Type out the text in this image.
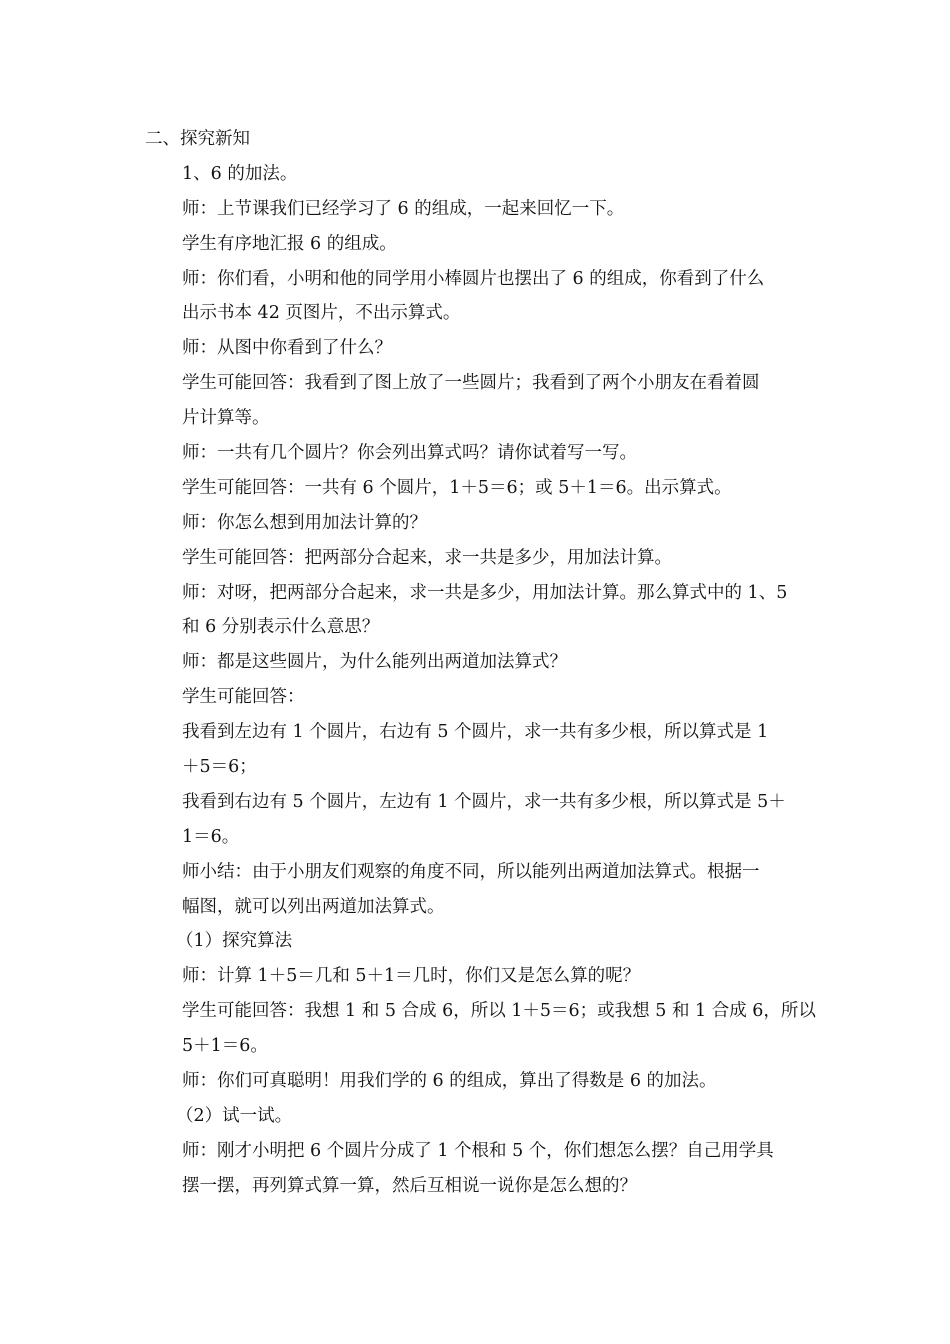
二、探究新知

1、6 的加法。

师：上节课我们已经学习了 6 的组成，一起来回忆一下。

学生有序地汇报 6 的组成。

师：你们看，小明和他的同学用小棒圆片也摆出了 6 的组成，你看到了什么

出示书本 42 页图片，不出示算式。

师：从图中你看到了什么？

学生可能回答：我看到了图上放了一些圆片；我看到了两个小朋友在看着圆

片计算等。

师：一共有几个圆片？你会列出算式吗？请你试着写一写。

学生可能回答：一共有 6 个圆片，1＋5＝6；或 5＋1＝6。出示算式。

师：你怎么想到用加法计算的？

学生可能回答：把两部分合起来，求一共是多少，用加法计算。

师：对呀，把两部分合起来，求一共是多少，用加法计算。那么算式中的 1、5

和 6 分别表示什么意思？

师：都是这些圆片，为什么能列出两道加法算式？

学生可能回答：

我看到左边有 1 个圆片，右边有 5 个圆片，求一共有多少根，所以算式是 1

＋5＝6；

我看到右边有 5 个圆片，左边有 1 个圆片，求一共有多少根，所以算式是 5＋

1＝6。

师小结：由于小朋友们观察的角度不同，所以能列出两道加法算式。根据一

幅图，就可以列出两道加法算式。

（1）探究算法

师：计算 1＋5＝几和 5＋1＝几时，你们又是怎么算的呢？

学生可能回答：我想 1 和 5 合成 6，所以 1＋5＝6；或我想 5 和 1 合成 6，所以

5＋1＝6。

师：你们可真聪明！用我们学的 6 的组成，算出了得数是 6 的加法。

（2）试一试。

师：刚才小明把 6 个圆片分成了 1 个根和 5 个，你们想怎么摆？自己用学具

摆一摆，再列算式算一算，然后互相说一说你是怎么想的？
